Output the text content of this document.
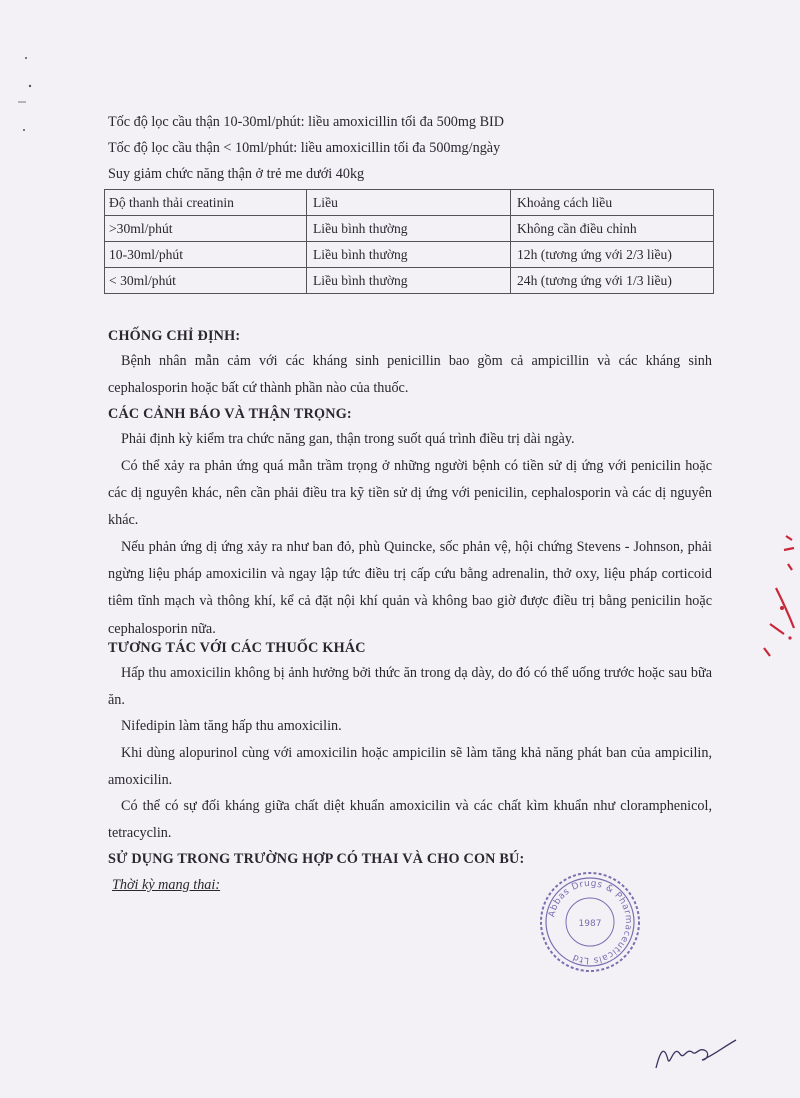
Tốc độ lọc cầu thận 10-30ml/phút: liều amoxicillin tối đa 500mg BID
Tốc độ lọc cầu thận < 10ml/phút: liều amoxicillin tối đa 500mg/ngày
Suy giảm chức năng thận ở trẻ me dưới 40kg
Độ thanh thải creatinin	Liều	Khoảng cách liều
>30ml/phút	Liều bình thường	Không cần điều chỉnh
10-30ml/phút	Liều bình thường	12h (tương ứng với 2/3 liều)
< 30ml/phút	Liều bình thường	24h (tương ứng với 1/3 liều)
CHỐNG CHỈ ĐỊNH:
Bệnh nhân mẫn cảm với các kháng sinh penicillin bao gồm cả ampicillin và các kháng sinh cephalosporin hoặc bất cứ thành phần nào của thuốc.
CÁC CẢNH BÁO VÀ THẬN TRỌNG:
Phải định kỳ kiểm tra chức năng gan, thận trong suốt quá trình điều trị dài ngày.
Có thể xảy ra phản ứng quá mẫn trầm trọng ở những người bệnh có tiền sử dị ứng với penicilin hoặc các dị nguyên khác, nên cần phải điều tra kỹ tiền sử dị ứng với penicilin, cephalosporin và các dị nguyên khác.
Nếu phản ứng dị ứng xảy ra như ban đỏ, phù Quincke, sốc phản vệ, hội chứng Stevens - Johnson, phải ngừng liệu pháp amoxicilin và ngay lập tức điều trị cấp cứu bằng adrenalin, thở oxy, liệu pháp corticoid tiêm tĩnh mạch và thông khí, kể cả đặt nội khí quản và không bao giờ được điều trị bằng penicilin hoặc cephalosporin nữa.
TƯƠNG TÁC VỚI CÁC THUỐC KHÁC
Hấp thu amoxicilin không bị ảnh hưởng bởi thức ăn trong dạ dày, do đó có thể uống trước hoặc sau bữa ăn.
Nifedipin làm tăng hấp thu amoxicilin.
Khi dùng alopurinol cùng với amoxicilin hoặc ampicilin sẽ làm tăng khả năng phát ban của ampicilin, amoxicilin.
Có thể có sự đối kháng giữa chất diệt khuẩn amoxicilin và các chất kìm khuẩn như cloramphenicol, tetracyclin.
SỬ DỤNG TRONG TRƯỜNG HỢP CÓ THAI VÀ CHO CON BÚ:
Thời kỳ mang thai:
Abbas Drugs & Pharmaceuticals Ltd
1987
